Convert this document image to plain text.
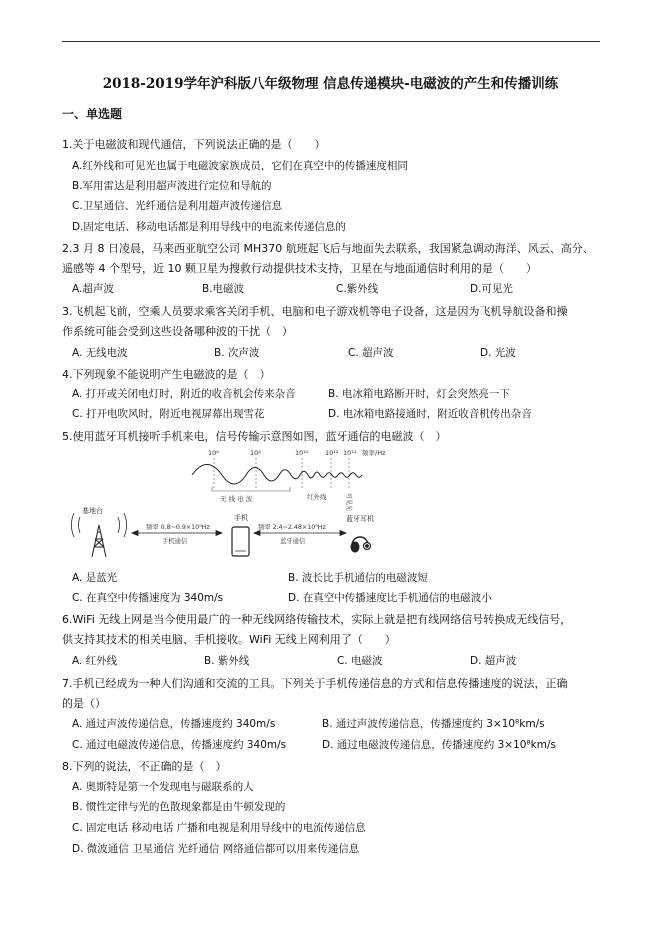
2018-2019学年沪科版八年级物理 信息传递模块-电磁波的产生和传播训练
一、单选题
1.关于电磁波和现代通信，下列说法正确的是（　　）
A.红外线和可见光也属于电磁波家族成员，它们在真空中的传播速度相同
B.军用雷达是利用超声波进行定位和导航的
C.卫星通信、光纤通信是利用超声波传递信息
D.固定电话、移动电话都是利用导线中的电流来传递信息的
2.3 月 8 日凌晨，马来西亚航空公司 MH370 航班起飞后与地面失去联系，我国紧急调动海洋、风云、高分、
遥感等 4 个型号，近 10 颗卫星为搜救行动提供技术支持，卫星在与地面通信时利用的是（　　）
A.超声波	B.电磁波	C.紫外线	D.可见光
3.飞机起飞前，空乘人员要求乘客关闭手机、电脑和电子游戏机等电子设备，这是因为飞机导航设备和操
作系统可能会受到这些设备哪种波的干扰（　）
A. 无线电波	B. 次声波	C. 超声波	D. 光波
4.下列现象不能说明产生电磁波的是（　）
A. 打开或关闭电灯时，附近的收音机会传来杂音	B. 电冰箱电路断开时，灯会突然亮一下
C. 打开电吹风时，附近电视屏幕出现雪花	D. 电冰箱电路接通时，附近收音机传出杂音
5.使用蓝牙耳机接听手机来电，信号传输示意图如图，蓝牙通信的电磁波（　）
10⁶	10⁸	10¹⁰	10¹² 10¹⁴ 频率/Hz
无 线 电 波	红外线	可见光
基地台
频率 0.8~0.9×10⁹Hz
手机通信
手机
频率 2.4~2.48×10⁹Hz
蓝牙通信
蓝牙耳机
A. 是蓝光	B. 波长比手机通信的电磁波短
C. 在真空中传播速度为 340m/s	D. 在真空中传播速度比手机通信的电磁波小
6.WiFi 无线上网是当今使用最广的一种无线网络传输技术，实际上就是把有线网络信号转换成无线信号，
供支持其技术的相关电脑、手机接收。WiFi 无线上网利用了（　　）
A. 红外线	B. 紫外线	C. 电磁波	D. 超声波
7.手机已经成为一种人们沟通和交流的工具。下列关于手机传递信息的方式和信息传播速度的说法，正确
的是（）
A. 通过声波传递信息，传播速度约 340m/s	B. 通过声波传递信息，传播速度约 3×10⁸km/s
C. 通过电磁波传递信息，传播速度约 340m/s	D. 通过电磁波传递信息，传播速度约 3×10⁸km/s
8.下列的说法，不正确的是（　）
A. 奥斯特是第一个发现电与磁联系的人
B. 惯性定律与光的色散现象都是由牛顿发现的
C. 固定电话 移动电话 广播和电视是利用导线中的电流传递信息
D. 微波通信 卫星通信 光纤通信 网络通信都可以用来传递信息
